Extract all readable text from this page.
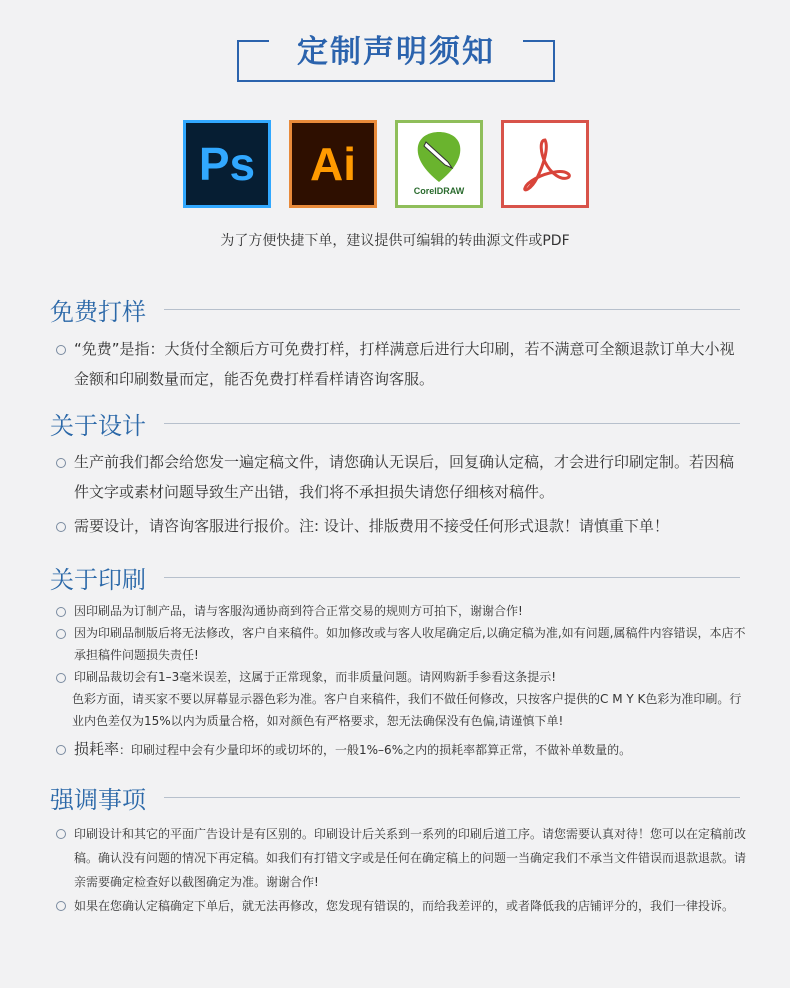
定制声明须知
Ps Ai
CorelDRAW
为了方便快捷下单，建议提供可编辑的转曲源文件或PDF
免费打样
“免费”是指：大货付全额后方可免费打样，打样满意后进行大印刷，若不满意可全额退款订单大小视金额和印刷数量而定，能否免费打样看样请咨询客服。
关于设计
生产前我们都会给您发一遍定稿文件，请您确认无误后，回复确认定稿，才会进行印刷定制。若因稿件文字或素材问题导致生产出错，我们将不承担损失请您仔细核对稿件。
需要设计，请咨询客服进行报价。注: 设计、排版费用不接受任何形式退款！请慎重下单！
关于印刷
因印刷品为订制产品，请与客服沟通协商到符合正常交易的规则方可拍下，谢谢合作!
因为印刷品制版后将无法修改，客户自来稿件。如加修改或与客人收尾确定后,以确定稿为准,如有问题,属稿件内容错误，本店不承担稿件问题损失责任!
印刷品裁切会有1–3毫米误差，这属于正常现象，而非质量问题。请网购新手参看这条提示!
色彩方面，请买家不要以屏幕显示器色彩为准。客户自来稿件，我们不做任何修改，只按客户提供的C M Y K色彩为准印刷。行业内色差仅为15%以内为质量合格，如对颜色有严格要求，恕无法确保没有色偏,请谨慎下单!
损耗率：印刷过程中会有少量印坏的或切坏的，一般1%–6%之内的损耗率都算正常，不做补单数量的。
强调事项
印刷设计和其它的平面广告设计是有区别的。印刷设计后关系到一系列的印刷后道工序。请您需要认真对待！您可以在定稿前改稿。确认没有问题的情况下再定稿。如我们有打错文字或是任何在确定稿上的问题一当确定我们不承当文件错误而退款退款。请亲需要确定检查好以截图确定为准。谢谢合作!
如果在您确认定稿确定下单后，就无法再修改，您发现有错误的，而给我差评的，或者降低我的店铺评分的，我们一律投诉。
